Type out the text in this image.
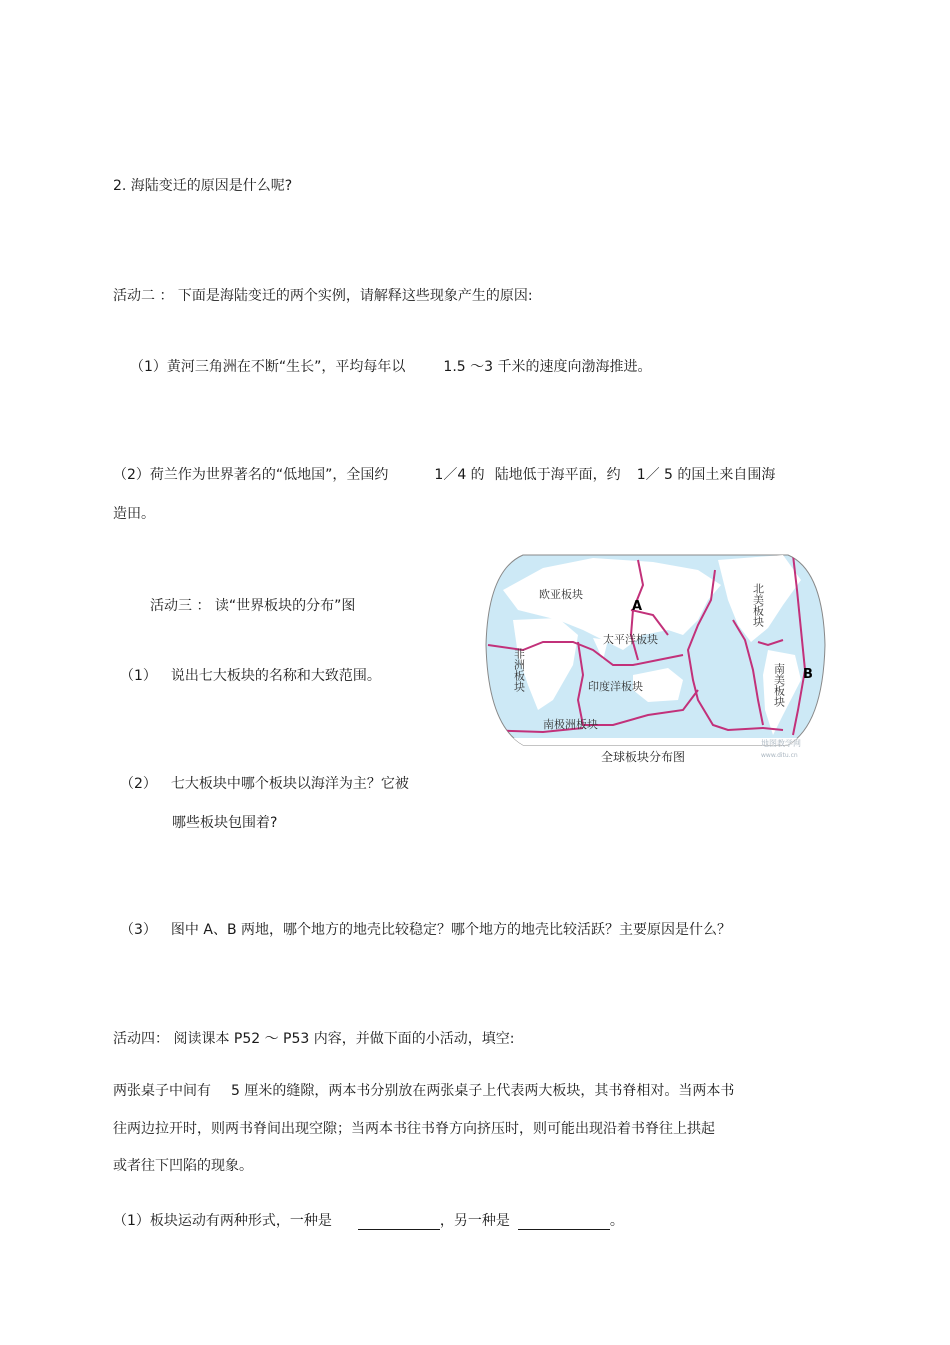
2. 海陆变迁的原因是什么呢?
活动二 ： 下面是海陆变迁的两个实例，请解释这些现象产生的原因:
（1）黄河三角洲在不断“生长”，平均每年以	1.5 ～3 千米的速度向渤海推进。
（2）荷兰作为世界著名的“低地国”，全国约	1／4 的 陆地低于海平面，约 1／ 5 的国土来自围海
造田。
活动三 ： 读“世界板块的分布”图
（1） 说出七大板块的名称和大致范围。
（2） 七大板块中哪个板块以海洋为主？它被
哪些板块包围着?
（3） 图中 A、B 两地，哪个地方的地壳比较稳定？哪个地方的地壳比较活跃？主要原因是什么？
欧亚板块
太平洋板块
印度洋板块
南极洲板块
非洲板块
北美板块
南美板块
A
B
全球板块分布图
地图教学网
www.ditu.cn
活动四： 阅读课本 P52 ～ P53 内容，并做下面的小活动，填空:
两张桌子中间有 5 厘米的缝隙，两本书分别放在两张桌子上代表两大板块，其书脊相对。当两本书
往两边拉开时，则两书脊间出现空隙；当两本书往书脊方向挤压时，则可能出现沿着书脊往上拱起
或者往下凹陷的现象。
（1）板块运动有两种形式，一种是	，另一种是	。
